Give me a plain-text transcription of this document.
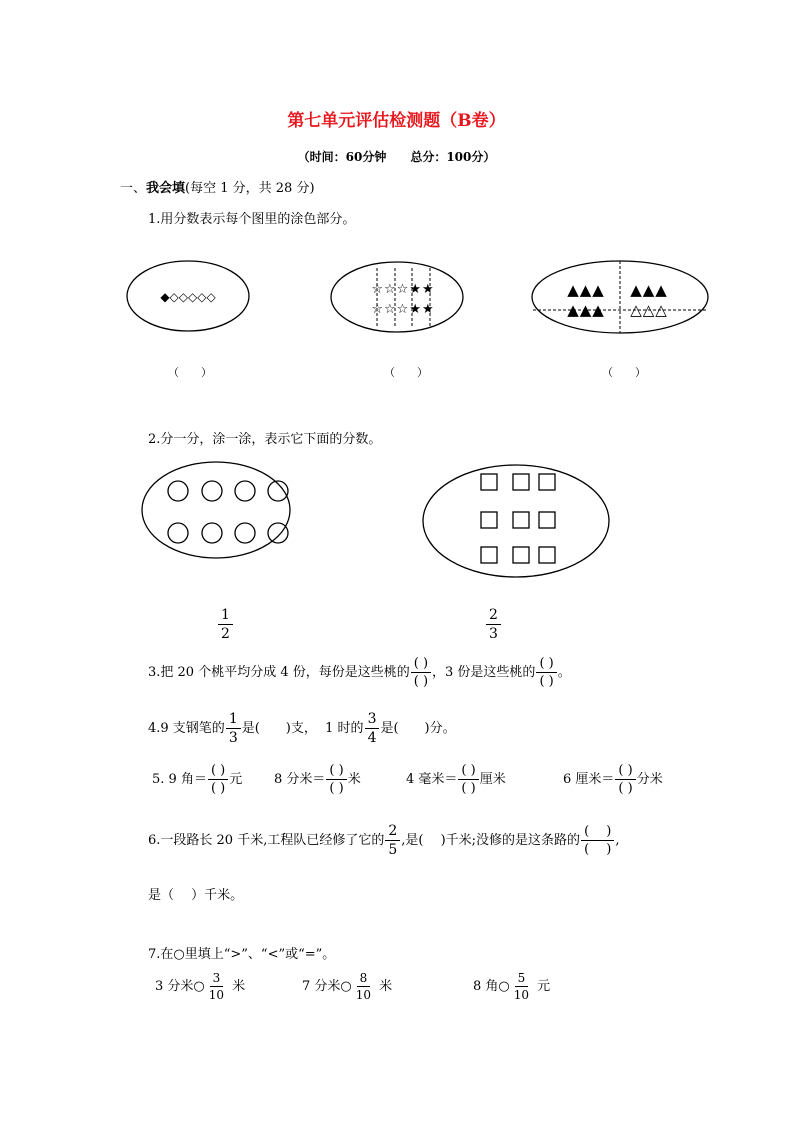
第七单元评估检测题（B卷）
（时间：60分钟　　总分：100分）
一、我会填(每空 1 分，共 28 分)
1.用分数表示每个图里的涂色部分。
◆◇◇◇◇◇	☆☆☆★★
☆☆☆★★
▲▲▲ ▲▲▲
▲▲▲ △△△
（　　）	（　　）	（　　）
2.分一分，涂一涂，表示它下面的分数。
$\frac{1}{2}$	$\frac{2}{3}$
3.把 20 个桃平均分成 4 份，每份是这些桃的 $\frac{( )}{( )}$ ，3 份是这些桃的 $\frac{( )}{( )}$ 。
4.9 支钢笔的 $\frac{1}{3}$ 是(　　)支， 1 时的 $\frac{3}{4}$ 是(　　)分。
5. 9 角＝ $\frac{( )}{( )}$ 元 8 分米＝ $\frac{( )}{( )}$ 米	4 毫米＝ $\frac{( )}{( )}$ 厘米	6 厘米＝ $\frac{( )}{( )}$ 分米
6.一段路长 20 千米,工程队已经修了它的 $\frac{2}{5}$ ,是(　 )千米;没修的是这条路的 $\frac{( )}{( )}$ ,
是（　 ）千米。
7.在○里填上“>”、“<”或“=”。
3 分米○ $\frac{3}{10}$ 米	7 分米○ $\frac{8}{10}$ 米	8 角○ $\frac{5}{10}$ 元
